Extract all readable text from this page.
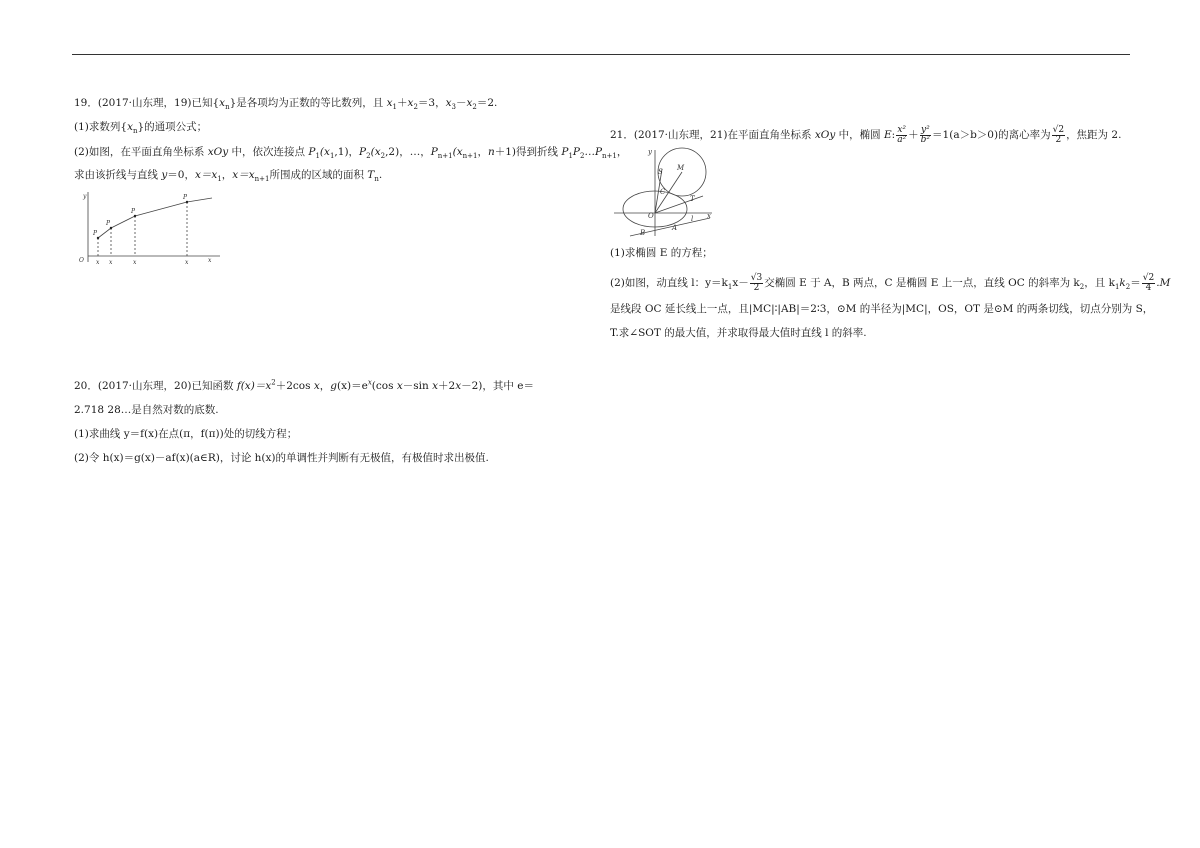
19．(2017·山东理，19)已知$\{x_n\}$是各项均为正数的等比数列，且 $x_1+x_2=3$，$x_3-x_2=2$.
(1)求数列$\{x_n\}$的通项公式；
(2)如图，在平面直角坐标系 xOy 中，依次连接点 $P_1(x_1,1)$，$P_2(x_2,2)$，…，$P_{n+1}(x_{n+1}$，n＋1)得到折线 $P_1P_2\dots P_{n+1}$，
求由该折线与直线 y＝0，$x=x_1$，$x=x_{n+1}$所围成的区域的面积 $T_n$.
y
O	x
P
P
P
P
x x	x	x
20．(2017·山东理，20)已知函数 $f(x)=x^2+2\cos$ x，$g(x)=e^x(\cos$ x－sin x＋2x－2)，其中 e＝
2.718 28…是自然对数的底数.
(1)求曲线 y＝f(x)在点(π，f(π))处的切线方程；
(2)令 h(x)＝g(x)－af(x)(a∈R)，讨论 h(x)的单调性并判断有无极值，有极值时求出极值.
21．(2017·山东理，21)在平面直角坐标系 xOy 中，椭圆 E: $\frac{\text{x²}}{\text{a²}} + \frac{\text{y²}}{\text{b²}} =1(a>b>0)$的离心率为 $\frac{√2}{2}$ ，焦距为 2.
y
M
S
C
T
O	x
B
A
l
(1)求椭圆 E 的方程；
(2)如图，动直线 l：$y=k_1x- \frac{√3}{2}$ 交椭圆 E 于 A，B 两点，C 是椭圆 E 上一点，直线 OC 的斜率为 $k_2$，且 $k_1k_2= \frac{√2}{4} .M$
是线段 OC 延长线上一点，且|MC|∶|AB|＝2∶3，⊙M 的半径为|MC|，OS，OT 是⊙M 的两条切线，切点分别为 S，
T.求∠SOT 的最大值，并求取得最大值时直线 l 的斜率.
